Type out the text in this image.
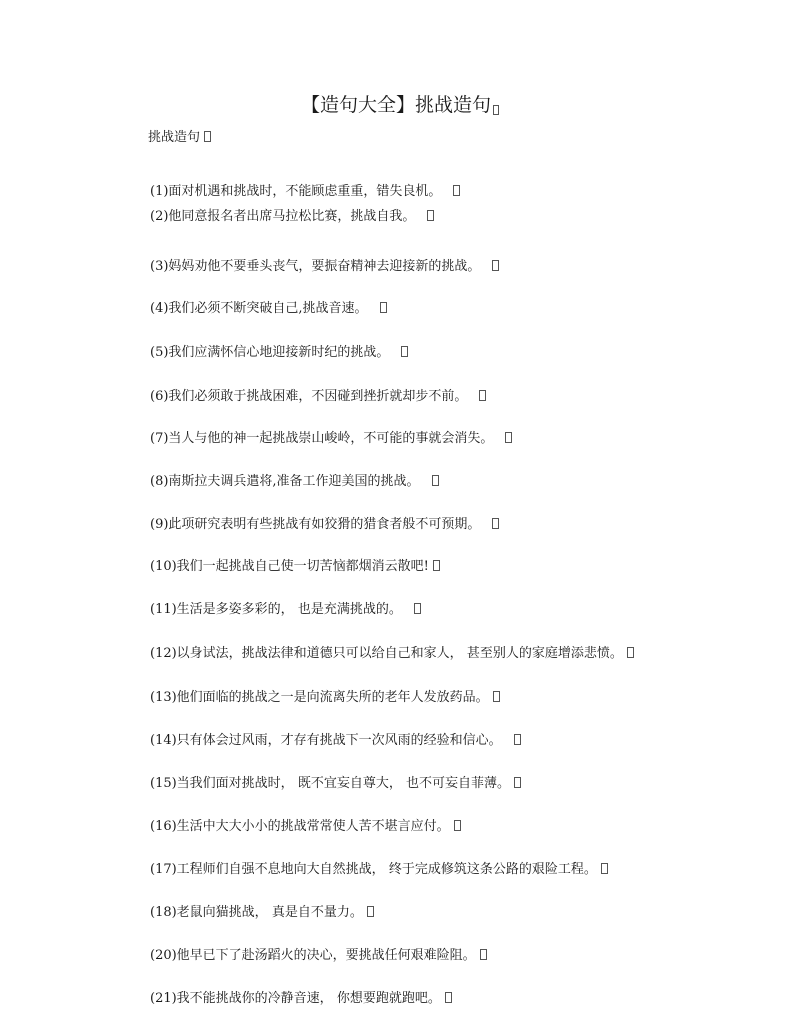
【造句大全】挑战造句
挑战造句
(1)面对机遇和挑战时，不能顾虑重重，错失良机。
(2)他同意报名者出席马拉松比赛，挑战自我。
(3)妈妈劝他不要垂头丧气，要振奋精神去迎接新的挑战。
(4)我们必须不断突破自己,挑战音速。
(5)我们应满怀信心地迎接新时纪的挑战。
(6)我们必须敢于挑战困难，不因碰到挫折就却步不前。
(7)当人与他的神一起挑战崇山峻岭，不可能的事就会消失。
(8)南斯拉夫调兵遣将,准备工作迎美国的挑战。
(9)此项研究表明有些挑战有如狡猾的猎食者般不可预期。
(10)我们一起挑战自己使一切苦恼都烟消云散吧!
(11)生活是多姿多彩的， 也是充满挑战的。
(12)以身试法，挑战法律和道德只可以给自己和家人， 甚至别人的家庭增添悲愤。
(13)他们面临的挑战之一是向流离失所的老年人发放药品。
(14)只有体会过风雨，才存有挑战下一次风雨的经验和信心。
(15)当我们面对挑战时， 既不宜妄自尊大， 也不可妄自菲薄。
(16)生活中大大小小的挑战常常使人苦不堪言应付。
(17)工程师们自强不息地向大自然挑战， 终于完成修筑这条公路的艰险工程。
(18)老鼠向猫挑战， 真是自不量力。
(20)他早已下了赴汤蹈火的决心，要挑战任何艰难险阻。
(21)我不能挑战你的冷静音速， 你想要跑就跑吧。
